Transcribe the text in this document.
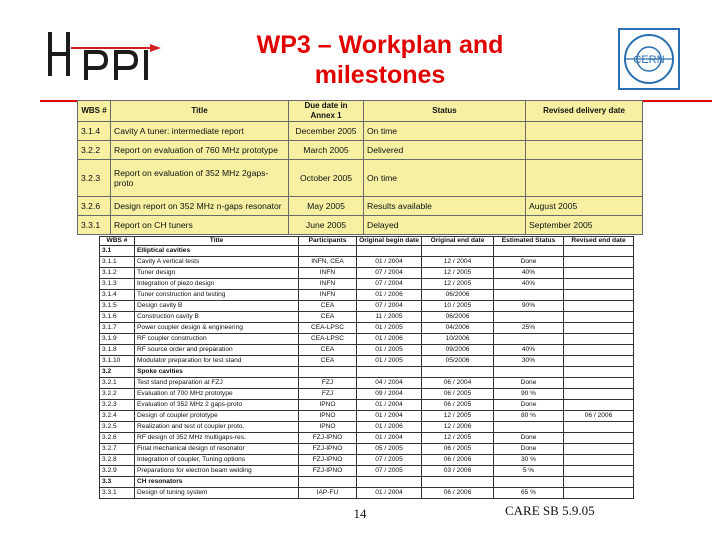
CERN
WP3 – Workplan and
milestones
WBS #	Title	Due date in Annex 1	Status	Revised delivery date
3.1.4	Cavity A tuner: intermediate report	December 2005	On time	
3.2.2	Report on evaluation of 760 MHz prototype	March 2005	Delivered	
3.2.3	Report on evaluation of 352 MHz 2gaps-proto	October 2005	On time	
3.2.6	Design report on 352 MHz n-gaps resonator	May 2005	Results available	August 2005
3.3.1	Report on CH tuners	June 2005	Delayed	September 2005
WBS #	Title	Participants	Original begin date	Original end date	Estimated Status	Revised end date
3.1	Elliptical cavities					
3.1.1	Cavity A vertical tests	INFN, CEA	01 / 2004	12 / 2004	Done	
3.1.2	Tuner design	INFN	07 / 2004	12 / 2005	40%	
3.1.3	Integration of piezo design	INFN	07 / 2004	12 / 2005	40%	
3.1.4	Tuner construction and testing	INFN	01 / 2006	06/2006		
3.1.5	Design cavity B	CEA	07 / 2004	10 / 2005	90%	
3.1.6	Construction cavity B	CEA	11 / 2005	06/2006		
3.1.7	Power coupler design & engineering	CEA-LPSC	01 / 2005	04/2006	25%	
3.1.9	RF coupler construction	CEA-LPSC	01 / 2006	10/2006		
3.1.8	RF source order and preparation	CEA	01 / 2005	09/2006	40%	
3.1.10	Modulator preparation for test stand	CEA	01 / 2005	05/2006	30%	
3.2	Spoke cavities					
3.2.1	Test stand preparation at FZJ	FZJ	04 / 2004	06 / 2004	Done	
3.2.2	Evaluation of 700 MHz prototype	FZJ	09 / 2004	06 / 2005	90 %	
3.2.3	Evaluation of 352 MHz 2 gaps-proto	IPNO	01 / 2004	06 / 2005	Done	
3.2.4	Design of coupler prototype	IPNO	01 / 2004	12 / 2005	80 %	06 / 2006
3.2.5	Realization and test of coupler proto.	IPNO	01 / 2006	12 / 2006		
3.2.6	RF design of 352 MHz multigaps-res.	FZJ-IPNO	01 / 2004	12 / 2005	Done	
3.2.7	Final mechanical design of resonator	FZJ-IPNO	05 / 2005	06 / 2005	Done	
3.2.8	Integration of coupler, Tuning options	FZJ-IPNO	07 / 2005	06 / 2006	30 %	
3.2.9	Preparations for electron beam welding	FZJ-IPNO	07 / 2005	03 / 2006	5 %	
3.3	CH resonators					
3.3.1	Design of tuning system	IAP-FU	01 / 2004	06 / 2006	65 %	
14	CARE SB 5.9.05
